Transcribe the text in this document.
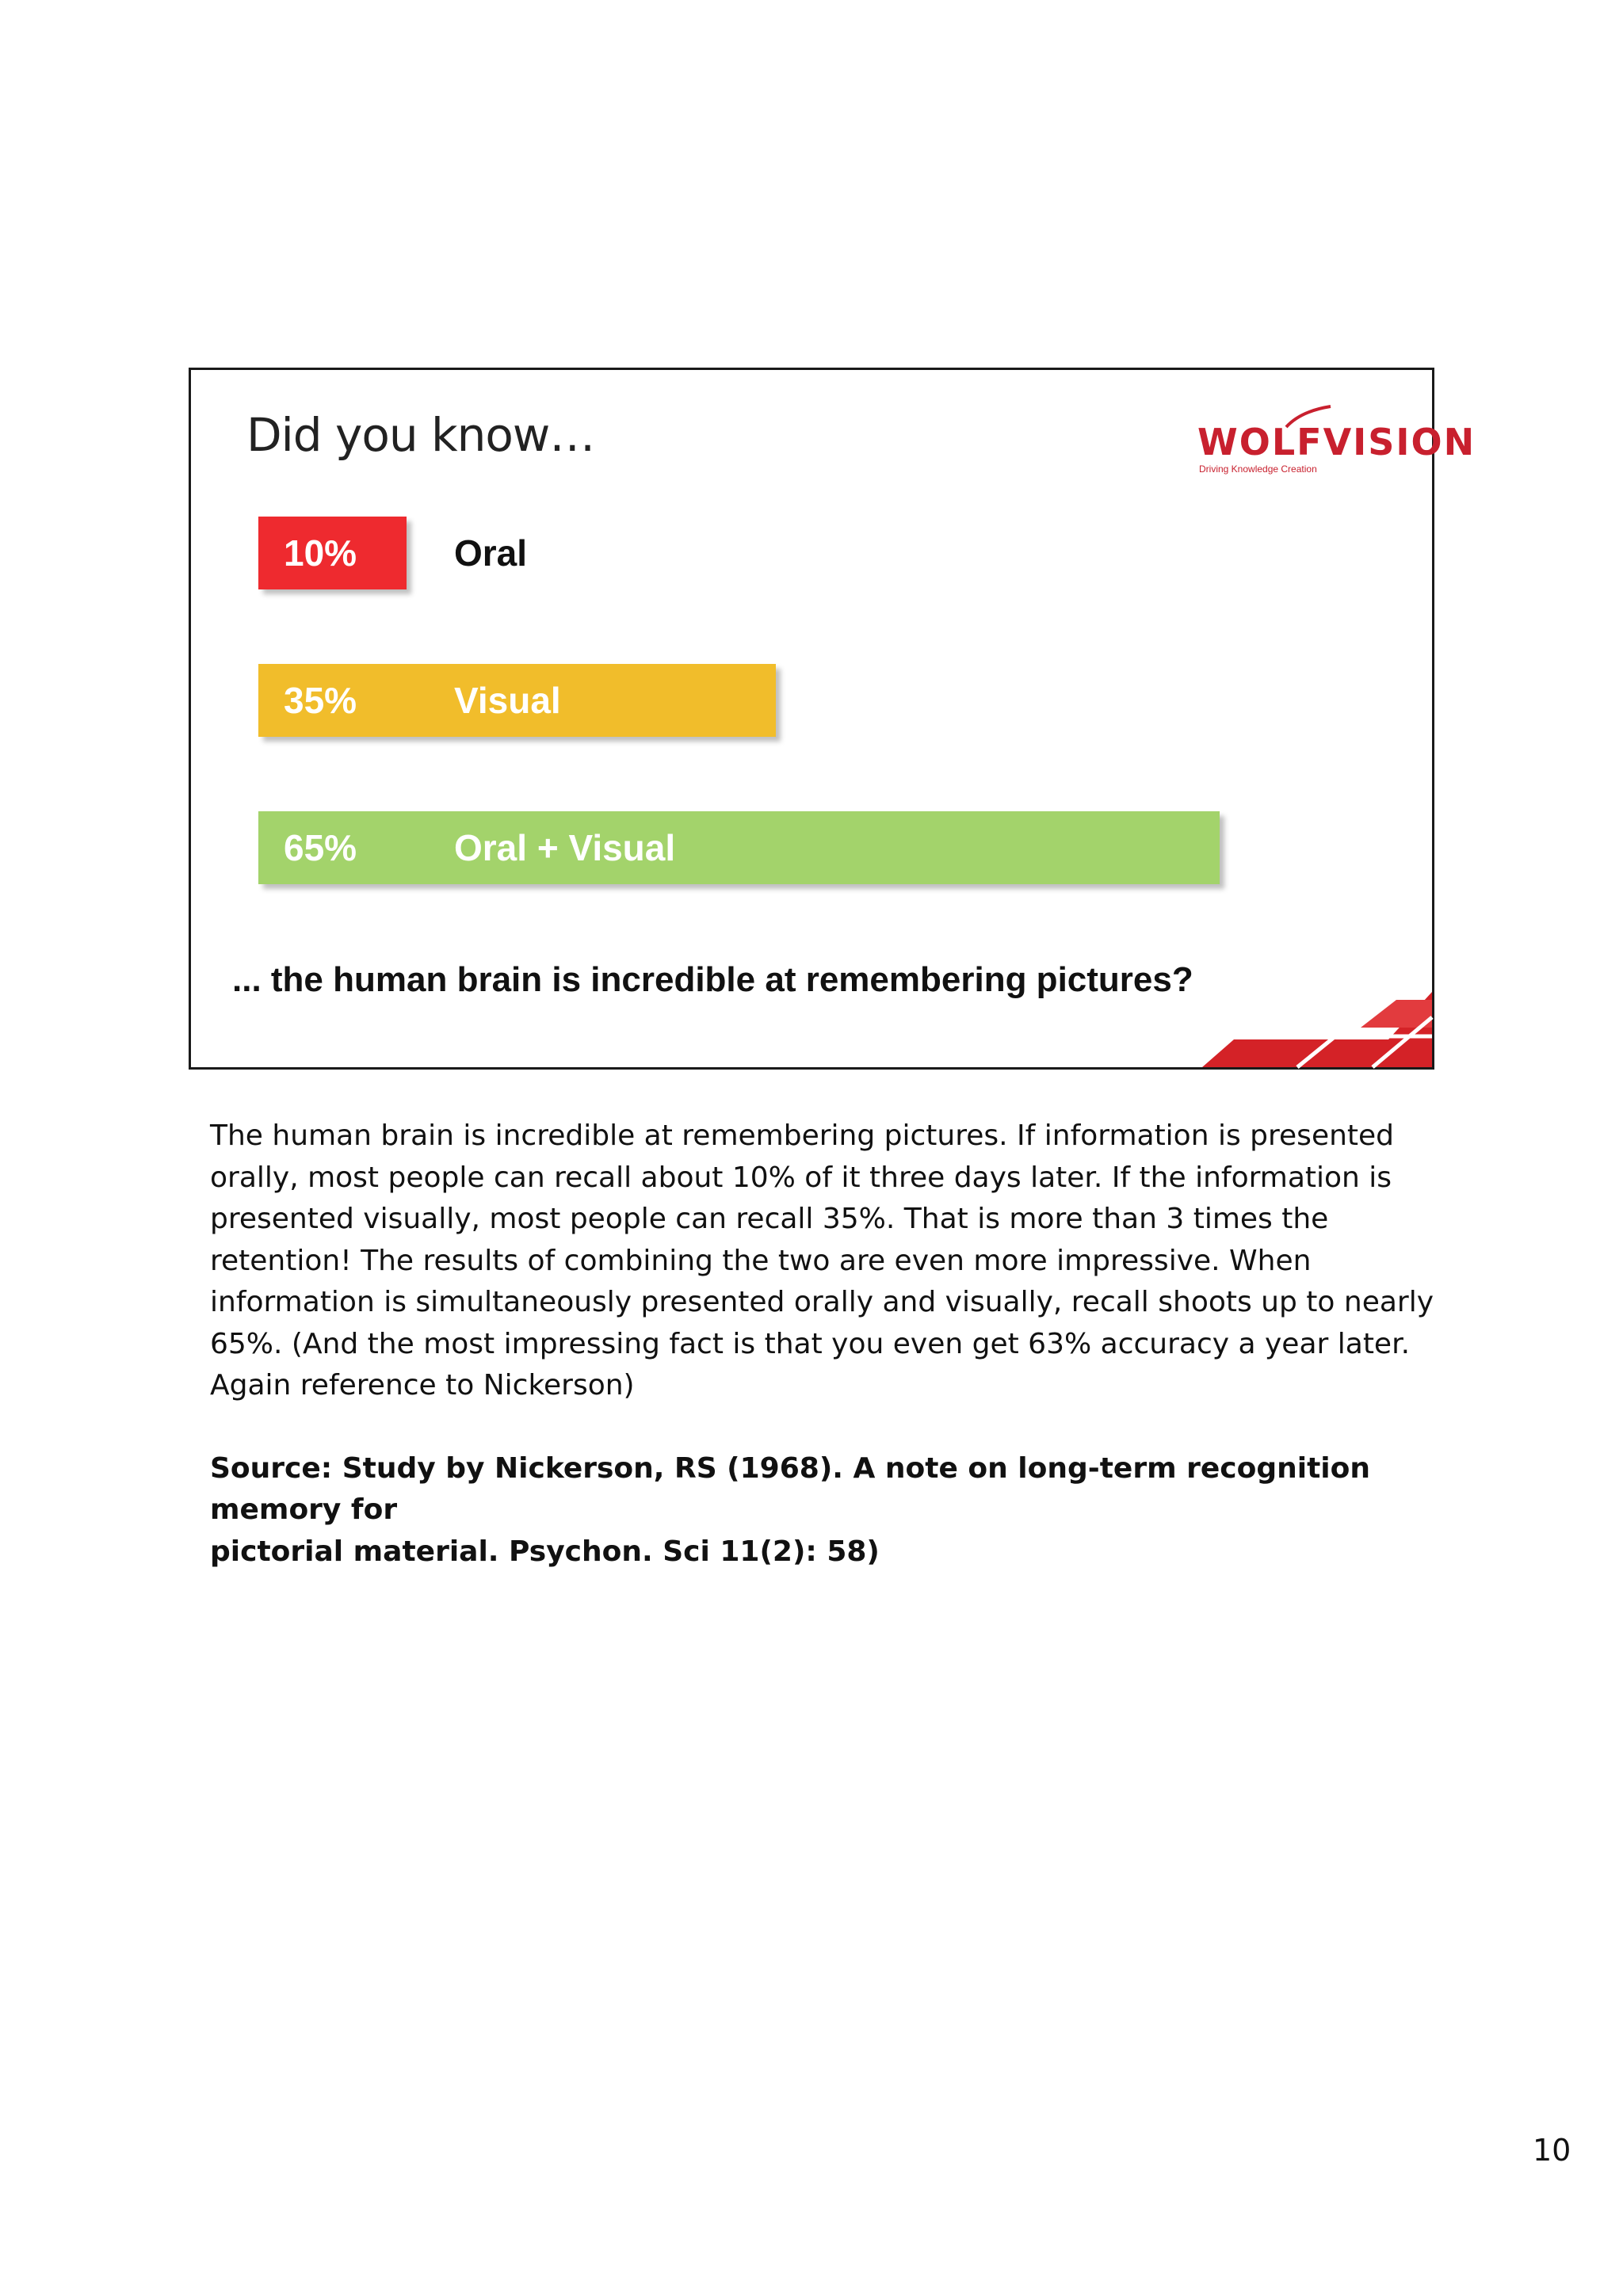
Did you know…	WOLFVISION
Driving Knowledge Creation
10%	Oral
35%	Visual
65%	Oral + Visual
... the human brain is incredible at remembering pictures?

The human brain is incredible at remembering pictures. If information is presented

orally, most people can recall about 10% of it three days later. If the information is

presented visually, most people can recall 35%. That is more than 3 times the

retention! The results of combining the two are even more impressive. When

information is simultaneously presented orally and visually, recall shoots up to nearly

65%. (And the most impressing fact is that you even get 63% accuracy a year later.

Again reference to Nickerson)

Source: Study by Nickerson, RS (1968). A note on long-term recognition memory for

pictorial material. Psychon. Sci 11(2): 58)

10
